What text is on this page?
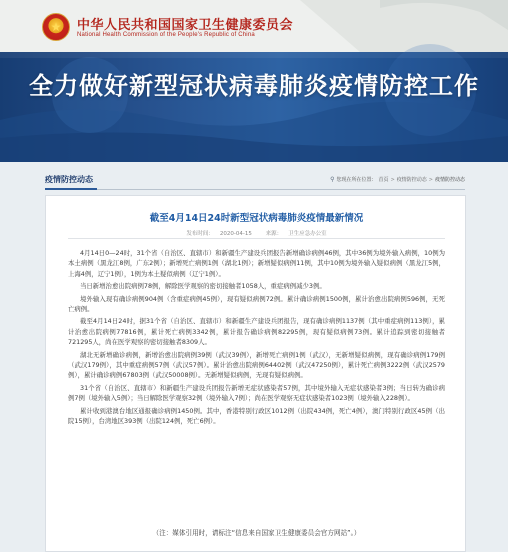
★	中华人民共和国国家卫生健康委员会
National Health Commission of the People's Republic of China
全力做好新型冠状病毒肺炎疫情防控工作
疫情防控动态	⚲ 您现在所在位置： 首页 > 疫情防控动态 > 疫情防控动态
截至4月14日24时新型冠状病毒肺炎疫情最新情况
发布时间： 2020-04-15	来源： 卫生应急办公室

4月14日0—24时，31个省（自治区、直辖市）和新疆生产建设兵团报告新增确诊病例46例，其中36例为境外输入病例，10例为本土病例（黑龙江8例，广东2例）；新增死亡病例1例（湖北1例）；新增疑似病例11例，其中10例为境外输入疑似病例（黑龙江5例，上海4例，辽宁1例），1例为本土疑似病例（辽宁1例）。

当日新增治愈出院病例78例，解除医学观察的密切接触者1058人，重症病例减少3例。

境外输入现有确诊病例904例（含重症病例45例），现有疑似病例72例。累计确诊病例1500例，累计治愈出院病例596例，无死亡病例。

截至4月14日24时，据31个省（自治区、直辖市）和新疆生产建设兵团报告，现有确诊病例1137例（其中重症病例113例），累计治愈出院病例77816例，累计死亡病例3342例，累计报告确诊病例82295例，现有疑似病例73例。累计追踪到密切接触者721295人，尚在医学观察的密切接触者8309人。

湖北无新增确诊病例，新增治愈出院病例39例（武汉39例），新增死亡病例1例（武汉），无新增疑似病例，现有确诊病例179例（武汉179例），其中重症病例57例（武汉57例）。累计治愈出院病例64402例（武汉47250例），累计死亡病例3222例（武汉2579例），累计确诊病例67803例（武汉50008例）。无新增疑似病例，无现有疑似病例。

31个省（自治区、直辖市）和新疆生产建设兵团报告新增无症状感染者57例，其中境外输入无症状感染者3例；当日转为确诊病例7例（境外输入5例）；当日解除医学观察32例（境外输入7例）；尚在医学观察无症状感染者1023例（境外输入228例）。

累计收到港澳台地区通报确诊病例1450例。其中，香港特别行政区1012例（出院434例，死亡4例），澳门特别行政区45例（出院15例），台湾地区393例（出院124例，死亡6例）。

（注：媒体引用时，请标注“信息来自国家卫生健康委员会官方网站”。）
